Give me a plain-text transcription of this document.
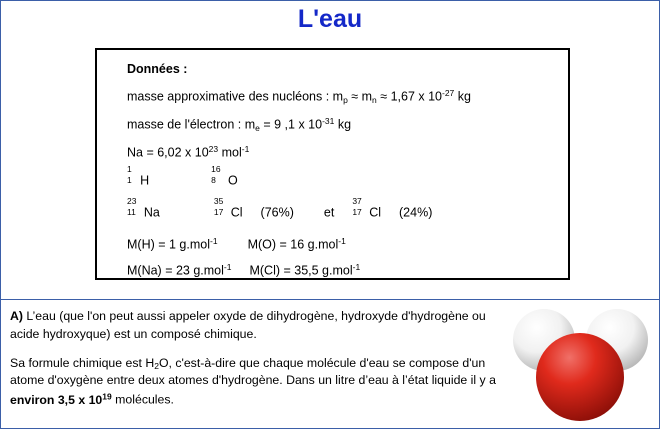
L'eau
Données :
masse approximative des nucléons : $m_p \approx m_n \approx 1,67$ x $10^{-27}$ kg
masse de l'électron : $m_e = 9$ ,1 x $10^{-31}$ kg
Na = 6,02 x $10^{23}$ mol$^{-1}$
1
1 H
16
8 O
23
11 Na
35
17 Cl (76%) et
37
17 Cl (24%)
M(H) = 1 g.mol$^{-1}$ M(O) = 16 g.mol$^{-1}$
M(Na) = 23 g.mol$^{-1}$ M(Cl) = 35,5 g.mol$^{-1}$

A) L’eau (que l'on peut aussi appeler oxyde de dihydrogène, hydroxyde d'hydrogène ou acide hydroxyque) est un composé chimique.

Sa formule chimique est $H_2O$, c'est-à-dire que chaque molécule d'eau se compose d'un atome d'oxygène entre deux atomes d'hydrogène. Dans un litre d’eau à l’état liquide il y a environ 3,5 x $10^{19}$ molécules.
